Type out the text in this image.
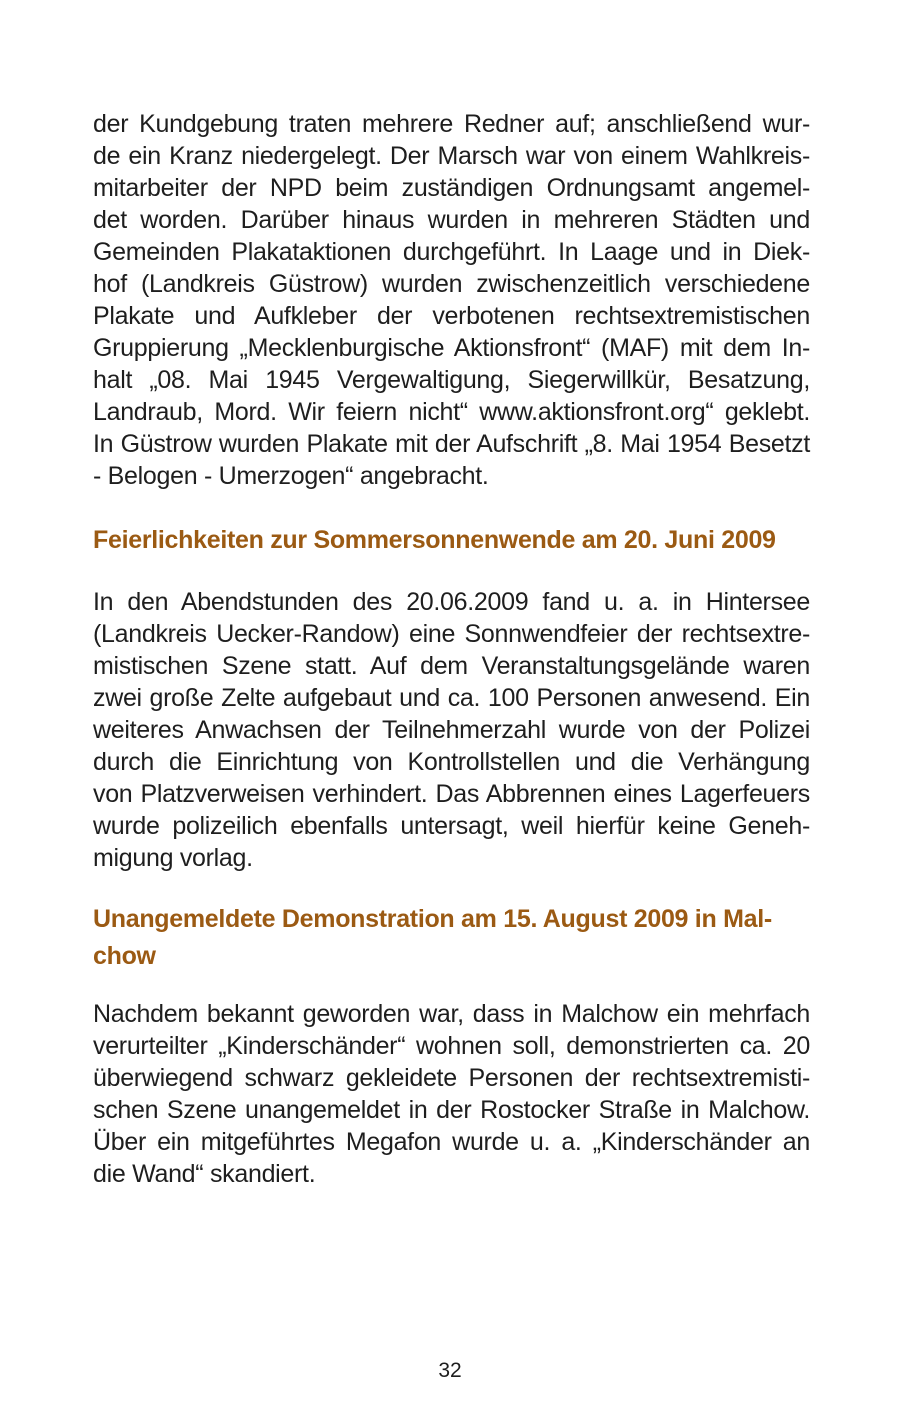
der Kundgebung traten mehrere Redner auf; anschließend wur-
de ein Kranz niedergelegt. Der Marsch war von einem Wahlkreis-
mitarbeiter der NPD beim zuständigen Ordnungsamt angemel-
det worden. Darüber hinaus wurden in mehreren Städten und
Gemeinden Plakataktionen durchgeführt. In Laage und in Diek-
hof (Landkreis Güstrow) wurden zwischenzeitlich verschiedene
Plakate und Aufkleber der verbotenen rechtsextremistischen
Gruppierung „Mecklenburgische Aktionsfront“ (MAF) mit dem In-
halt „08. Mai 1945 Vergewaltigung, Siegerwillkür, Besatzung,
Landraub, Mord. Wir feiern nicht“ www.aktionsfront.org“ geklebt.
In Güstrow wurden Plakate mit der Aufschrift „8. Mai 1954 Besetzt
- Belogen - Umerzogen“ angebracht.
Feierlichkeiten zur Sommersonnenwende am 20. Juni 2009
In den Abendstunden des 20.06.2009 fand u. a. in Hintersee
(Landkreis Uecker-Randow) eine Sonnwendfeier der rechtsextre-
mistischen Szene statt. Auf dem Veranstaltungsgelände waren
zwei große Zelte aufgebaut und ca. 100 Personen anwesend. Ein
weiteres Anwachsen der Teilnehmerzahl wurde von der Polizei
durch die Einrichtung von Kontrollstellen und die Verhängung
von Platzverweisen verhindert. Das Abbrennen eines Lagerfeuers
wurde polizeilich ebenfalls untersagt, weil hierfür keine Geneh-
migung vorlag.
Unangemeldete Demonstration am 15. August 2009 in Mal-
chow
Nachdem bekannt geworden war, dass in Malchow ein mehrfach
verurteilter „Kinderschänder“ wohnen soll, demonstrierten ca. 20
überwiegend schwarz gekleidete Personen der rechtsextremisti-
schen Szene unangemeldet in der Rostocker Straße in Malchow.
Über ein mitgeführtes Megafon wurde u. a. „Kinderschänder an
die Wand“ skandiert.
32
